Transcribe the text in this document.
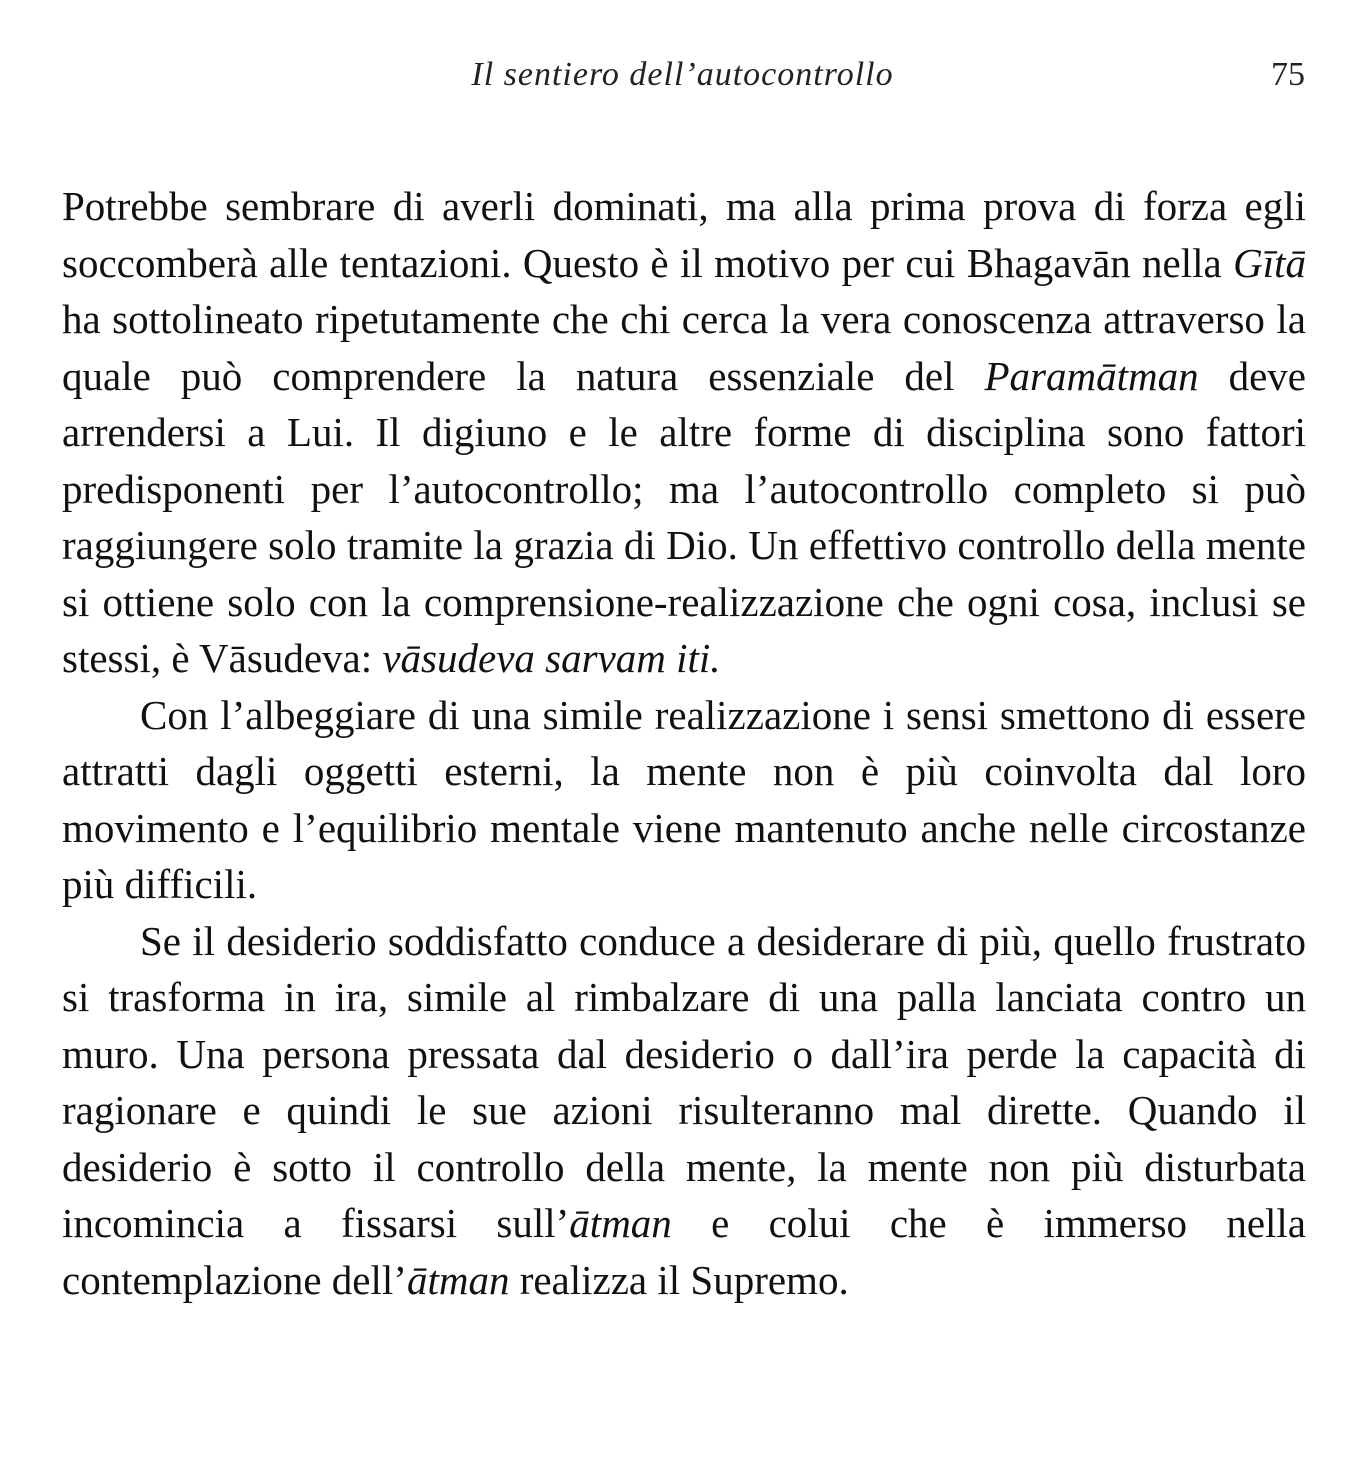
Il sentiero dell’autocontrollo	75

Potrebbe sembrare di averli dominati, ma alla prima prova di forza egli soccomberà alle tentazioni. Questo è il motivo per cui Bhagavān nella Gītā ha sottolineato ripetutamente che chi cerca la vera conoscenza attraverso la quale può comprendere la natura essenziale del Paramātman deve arrendersi a Lui. Il digiuno e le altre forme di disciplina sono fattori predisponenti per l’autocontrollo; ma l’autocontrollo completo si può raggiungere solo tramite la grazia di Dio. Un effettivo controllo della mente si ottiene solo con la comprensione-realizzazione che ogni cosa, inclusi se stessi, è Vāsudeva: vāsudeva sarvam iti.

Con l’albeggiare di una simile realizzazione i sensi smettono di essere attratti dagli oggetti esterni, la mente non è più coinvolta dal loro movimento e l’equilibrio mentale viene mantenuto anche nelle circostanze più difficili.

Se il desiderio soddisfatto conduce a desiderare di più, quello frustrato si trasforma in ira, simile al rimbalzare di una palla lanciata contro un muro. Una persona pressata dal desiderio o dall’ira perde la capacità di ragionare e quindi le sue azioni risulteranno mal dirette. Quando il desiderio è sotto il controllo della mente, la mente non più disturbata incomincia a fissarsi sull’ātman e colui che è immerso nella contemplazione dell’ātman realizza il Supremo.
